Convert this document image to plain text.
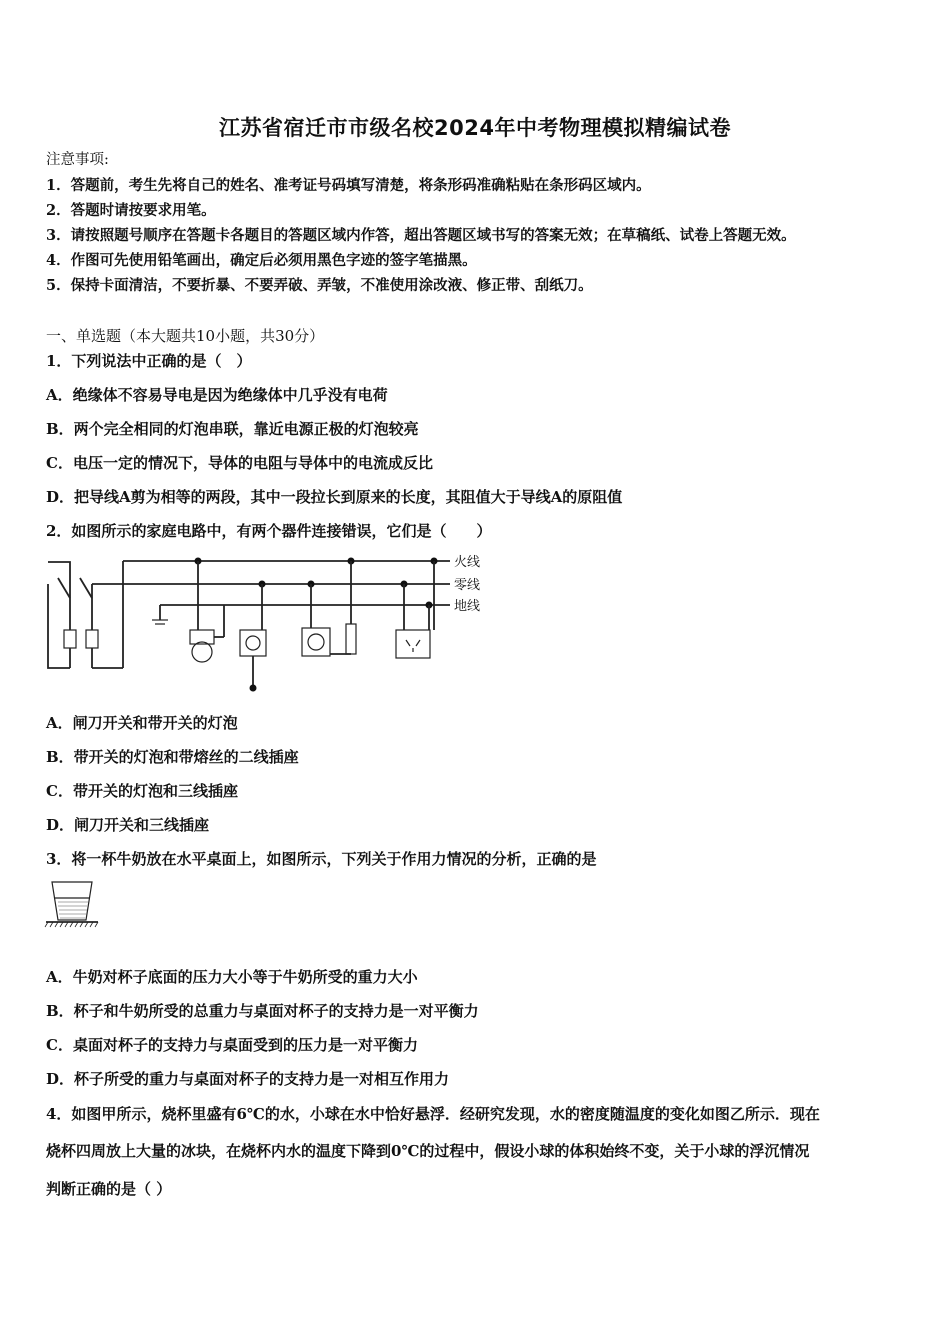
江苏省宿迁市市级名校2024年中考物理模拟精编试卷
注意事项:
1．答题前，考生先将自己的姓名、准考证号码填写清楚，将条形码准确粘贴在条形码区域内。
2．答题时请按要求用笔。
3．请按照题号顺序在答题卡各题目的答题区域内作答，超出答题区域书写的答案无效；在草稿纸、试卷上答题无效。
4．作图可先使用铅笔画出，确定后必须用黑色字迹的签字笔描黑。
5．保持卡面清洁，不要折暴、不要弄破、弄皱，不准使用涂改液、修正带、刮纸刀。
一、单选题（本大题共10小题，共30分）
1．下列说法中正确的是（　）
A．绝缘体不容易导电是因为绝缘体中几乎没有电荷
B．两个完全相同的灯泡串联，靠近电源正极的灯泡较亮
C．电压一定的情况下，导体的电阻与导体中的电流成反比
D．把导线A剪为相等的两段，其中一段拉长到原来的长度，其阻值大于导线A的原阻值
2．如图所示的家庭电路中，有两个器件连接错误，它们是（　　）
火线
零线
地线
A．闸刀开关和带开关的灯泡
B．带开关的灯泡和带熔丝的二线插座
C．带开关的灯泡和三线插座
D．闸刀开关和三线插座
3．将一杯牛奶放在水平桌面上，如图所示，下列关于作用力情况的分析，正确的是
A．牛奶对杯子底面的压力大小等于牛奶所受的重力大小
B．杯子和牛奶所受的总重力与桌面对杯子的支持力是一对平衡力
C．桌面对杯子的支持力与桌面受到的压力是一对平衡力
D．杯子所受的重力与桌面对杯子的支持力是一对相互作用力
4．如图甲所示，烧杯里盛有6℃的水，小球在水中恰好悬浮．经研究发现，水的密度随温度的变化如图乙所示．现在
烧杯四周放上大量的冰块，在烧杯内水的温度下降到0℃的过程中，假设小球的体积始终不变，关于小球的浮沉情况
判断正确的是（ ）
